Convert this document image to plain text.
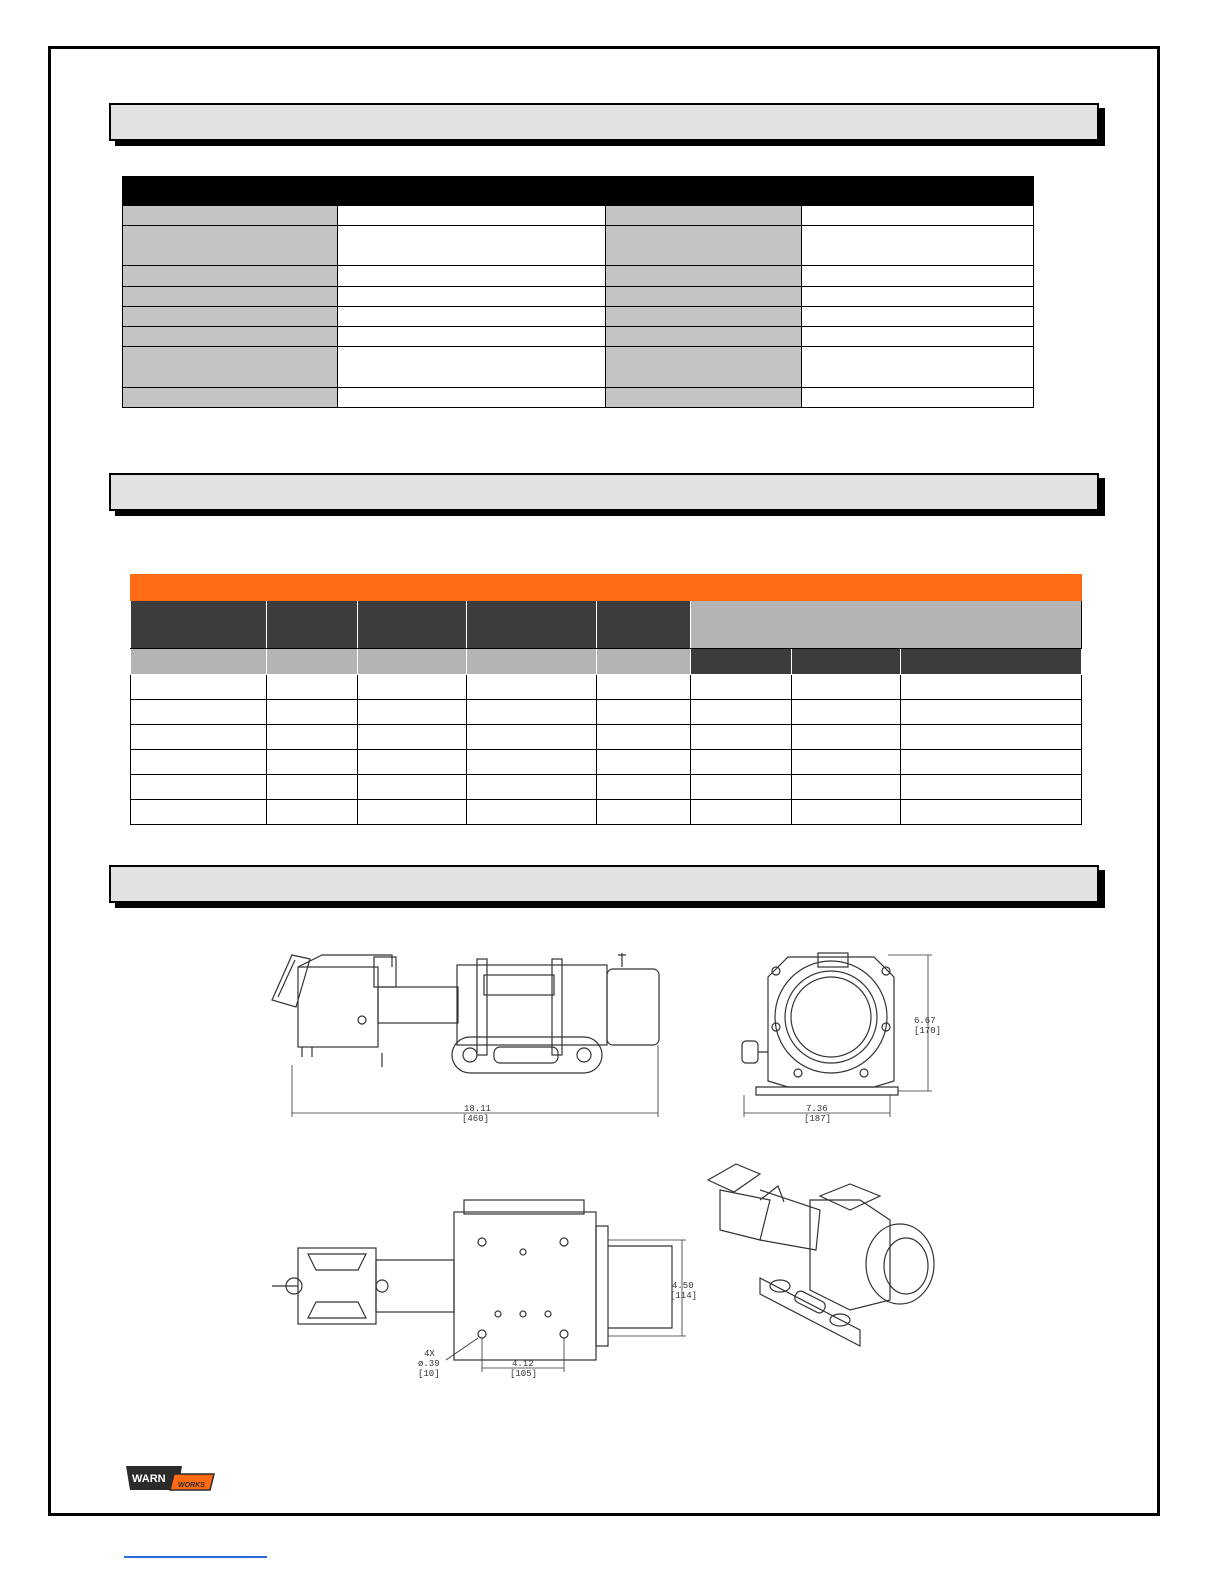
18.11
[460]
6.67
[170]
7.36
[187]
4.50
[114]
4X
ø.39
[10]
4.12
[105]
WARN
WORKS
